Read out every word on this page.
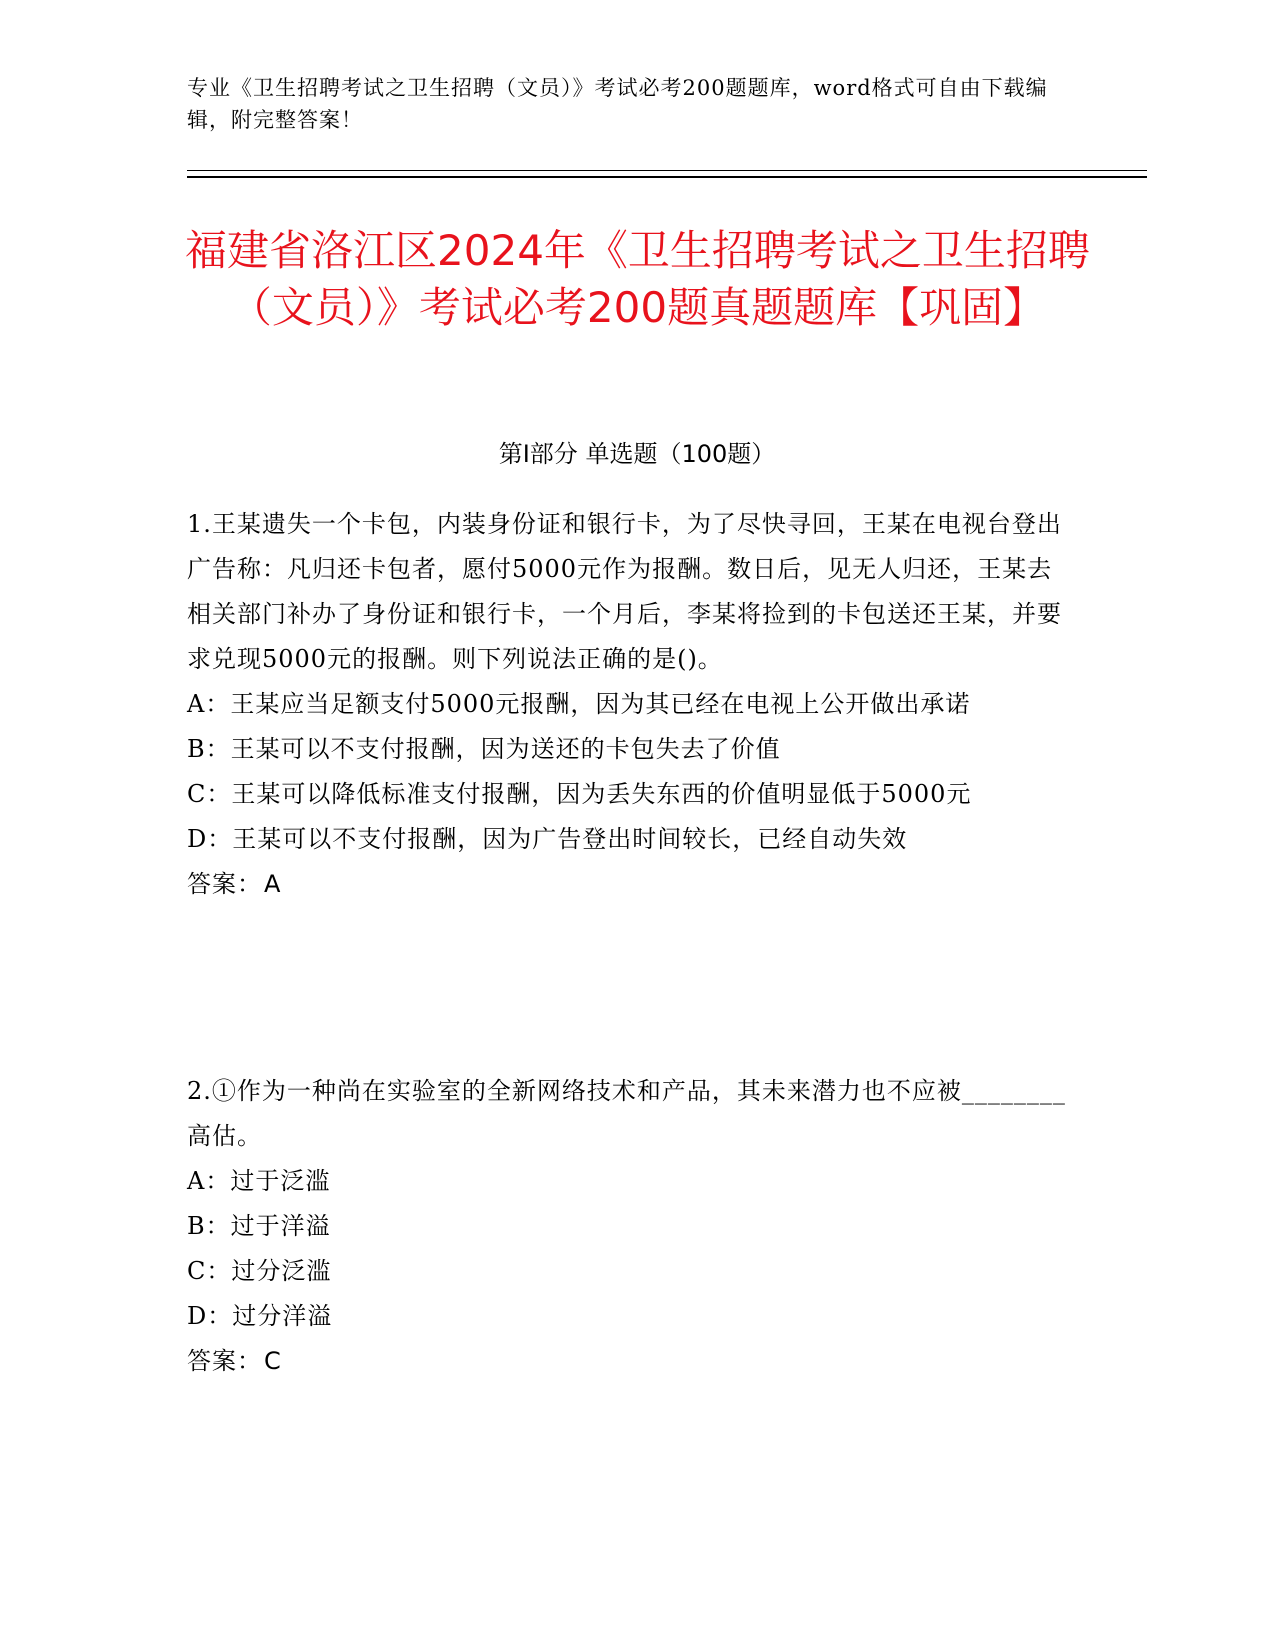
专业《卫生招聘考试之卫生招聘（文员）》考试必考200题题库，word格式可自由下载编辑，附完整答案！

福建省洛江区2024年《卫生招聘考试之卫生招聘（文员）》考试必考200题真题题库【巩固】
第Ⅰ部分 单选题（100题）

1.王某遗失一个卡包，内装身份证和银行卡，为了尽快寻回，王某在电视台登出广告称：凡归还卡包者，愿付5000元作为报酬。数日后，见无人归还，王某去相关部门补办了身份证和银行卡，一个月后，李某将捡到的卡包送还王某，并要求兑现5000元的报酬。则下列说法正确的是()。

A：王某应当足额支付5000元报酬，因为其已经在电视上公开做出承诺

B：王某可以不支付报酬，因为送还的卡包失去了价值

C：王某可以降低标准支付报酬，因为丢失东西的价值明显低于5000元

D：王某可以不支付报酬，因为广告登出时间较长，已经自动失效

答案：A

2.①作为一种尚在实验室的全新网络技术和产品，其未来潜力也不应被________高估。

A：过于泛滥

B：过于洋溢

C：过分泛滥

D：过分洋溢

答案：C
